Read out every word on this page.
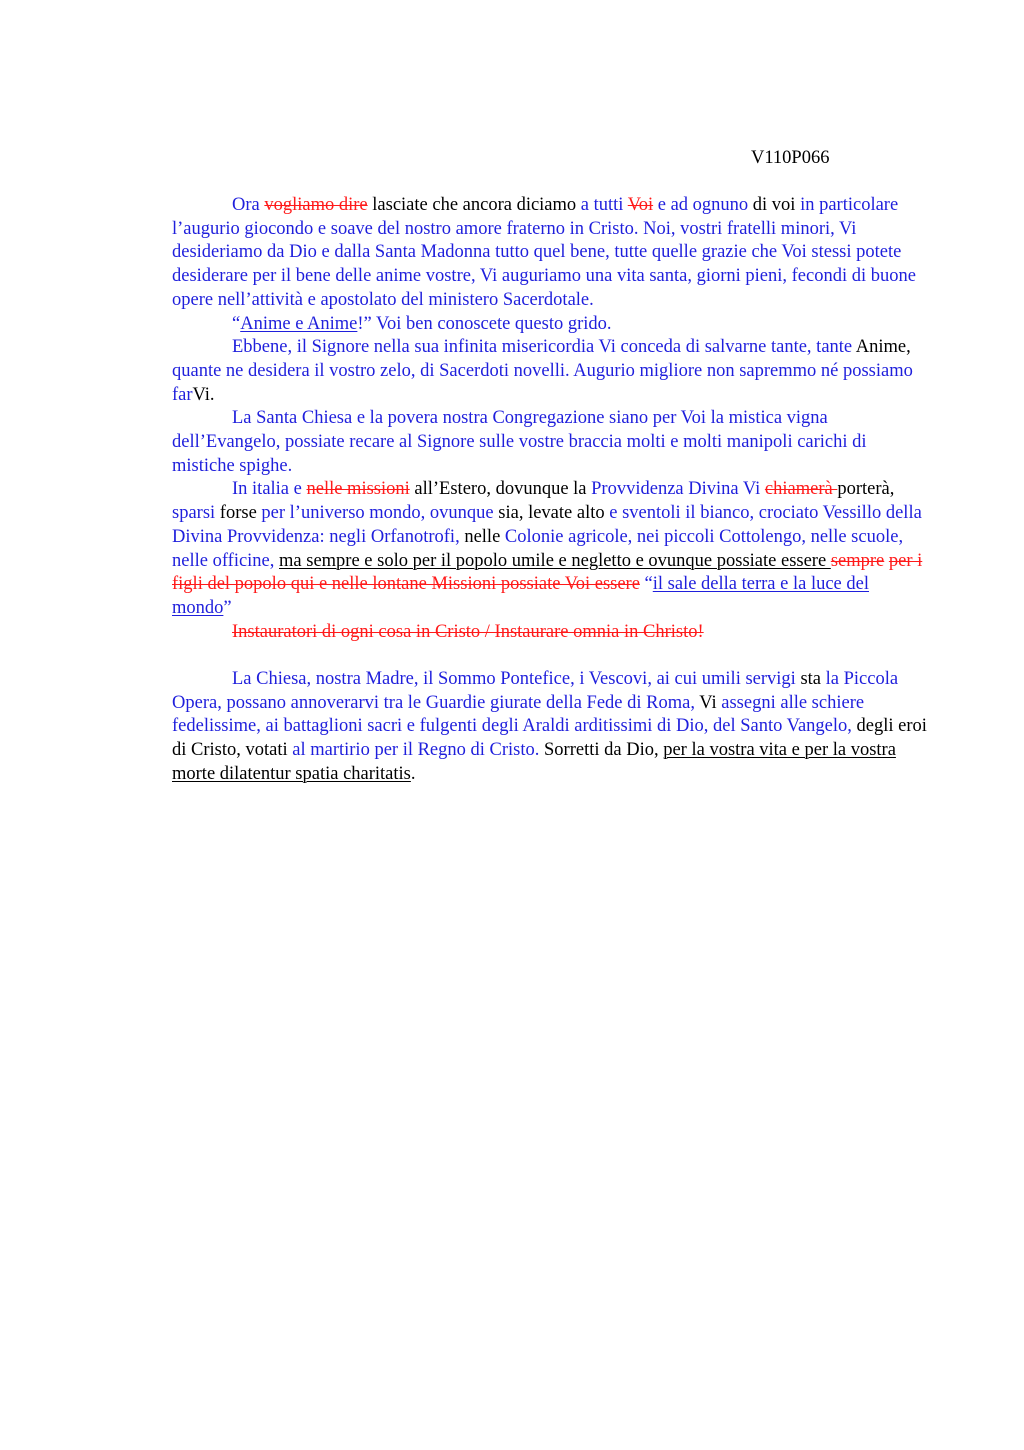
V110P066

Ora vogliamo dire lasciate che ancora diciamo a tutti Voi e ad ognuno di voi in particolare l’augurio giocondo e soave del nostro amore fraterno in Cristo. Noi, vostri fratelli minori, Vi desideriamo da Dio e dalla Santa Madonna tutto quel bene, tutte quelle grazie che Voi stessi potete desiderare per il bene delle anime vostre, Vi auguriamo una vita santa, giorni pieni, fecondi di buone opere nell’attività e apostolato del ministero Sacerdotale.

“Anime e Anime!” Voi ben conoscete questo grido.

Ebbene, il Signore nella sua infinita misericordia Vi conceda di salvarne tante, tante Anime, quante ne desidera il vostro zelo, di Sacerdoti novelli. Augurio migliore non sapremmo né possiamo farVi.

La Santa Chiesa e la povera nostra Congregazione siano per Voi la mistica vigna dell’Evangelo, possiate recare al Signore sulle vostre braccia molti e molti manipoli carichi di mistiche spighe.

In italia e nelle missioni all’Estero, dovunque la Provvidenza Divina Vi chiamerà porterà, sparsi forse per l’universo mondo, ovunque sia, levate alto e sventoli il bianco, crociato Vessillo della Divina Provvidenza: negli Orfanotrofi, nelle Colonie agricole, nei piccoli Cottolengo, nelle scuole, nelle officine, ma sempre e solo per il popolo umile e negletto e ovunque possiate essere sempre per i figli del popolo qui e nelle lontane Missioni possiate Voi essere “il sale della terra e la luce del mondo”

Instauratori di ogni cosa in Cristo / Instaurare omnia in Christo!

La Chiesa, nostra Madre, il Sommo Pontefice, i Vescovi, ai cui umili servigi sta la Piccola Opera, possano annoverarvi tra le Guardie giurate della Fede di Roma, Vi assegni alle schiere fedelissime, ai battaglioni sacri e fulgenti degli Araldi arditissimi di Dio, del Santo Vangelo, degli eroi di Cristo, votati al martirio per il Regno di Cristo. Sorretti da Dio, per la vostra vita e per la vostra morte dilatentur spatia charitatis.
